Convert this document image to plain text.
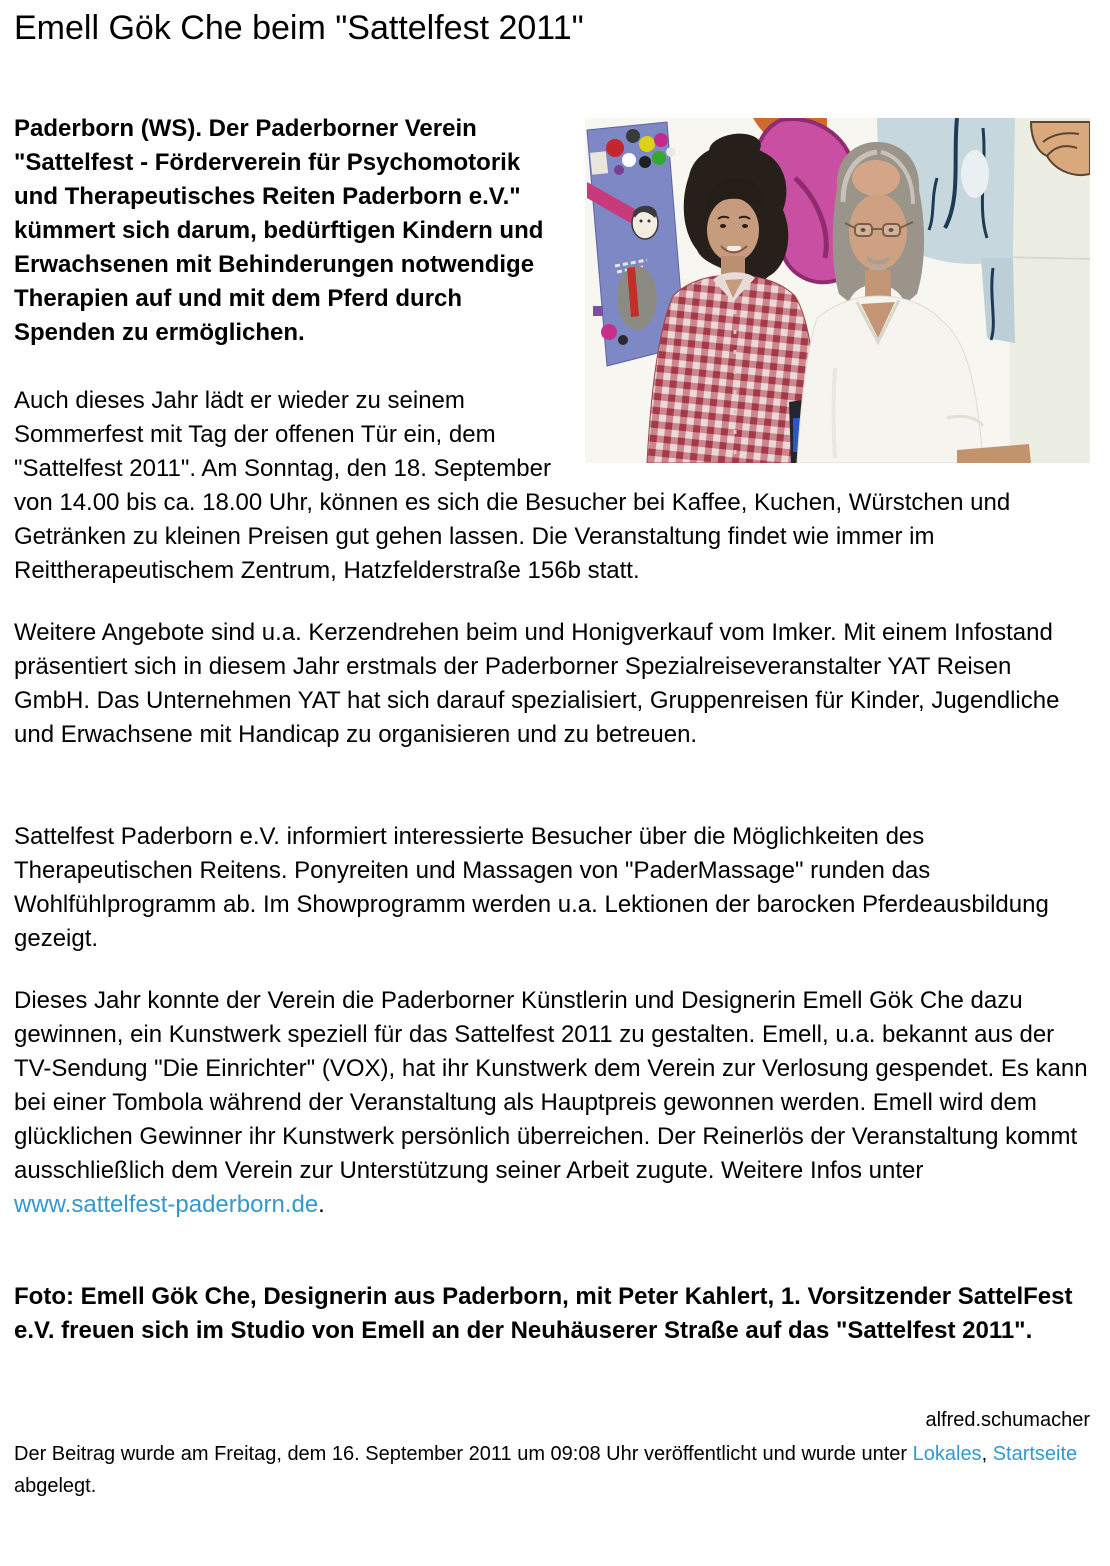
Emell Gök Che beim "Sattelfest 2011"

Paderborn (WS). Der Paderborner Verein "Sattelfest - Förderverein für Psychomotorik und Therapeutisches Reiten Paderborn e.V." kümmert sich darum, bedürftigen Kindern und Erwachsenen mit Behinderungen notwendige Therapien auf und mit dem Pferd durch Spenden zu ermöglichen.

Auch dieses Jahr lädt er wieder zu seinem Sommerfest mit Tag der offenen Tür ein, dem "Sattelfest 2011". Am Sonntag, den 18. September von 14.00 bis ca. 18.00 Uhr, können es sich die Besucher bei Kaffee, Kuchen, Würstchen und Getränken zu kleinen Preisen gut gehen lassen. Die Veranstaltung findet wie immer im Reittherapeutischem Zentrum, Hatzfelderstraße 156b statt.

Weitere Angebote sind u.a. Kerzendrehen beim und Honigverkauf vom Imker. Mit einem Infostand präsentiert sich in diesem Jahr erstmals der Paderborner Spezialreiseveranstalter YAT Reisen GmbH. Das Unternehmen YAT hat sich darauf spezialisiert, Gruppenreisen für Kinder, Jugendliche und Erwachsene mit Handicap zu organisieren und zu betreuen.

Sattelfest Paderborn e.V. informiert interessierte Besucher über die Möglichkeiten des Therapeutischen Reitens. Ponyreiten und Massagen von "PaderMassage" runden das Wohlfühlprogramm ab. Im Showprogramm werden u.a. Lektionen der barocken Pferdeausbildung gezeigt.

Dieses Jahr konnte der Verein die Paderborner Künstlerin und Designerin Emell Gök Che dazu gewinnen, ein Kunstwerk speziell für das Sattelfest 2011 zu gestalten. Emell, u.a. bekannt aus der TV-Sendung "Die Einrichter" (VOX), hat ihr Kunstwerk dem Verein zur Verlosung gespendet. Es kann bei einer Tombola während der Veranstaltung als Hauptpreis gewonnen werden. Emell wird dem glücklichen Gewinner ihr Kunstwerk persönlich überreichen. Der Reinerlös der Veranstaltung kommt ausschließlich dem Verein zur Unterstützung seiner Arbeit zugute. Weitere Infos unter www.sattelfest-paderborn.de.

Foto: Emell Gök Che, Designerin aus Paderborn, mit Peter Kahlert, 1. Vorsitzender SattelFest e.V. freuen sich im Studio von Emell an der Neuhäuserer Straße auf das "Sattelfest 2011".

alfred.schumacher

Der Beitrag wurde am Freitag, dem 16. September 2011 um 09:08 Uhr veröffentlicht und wurde unter Lokales, Startseite abgelegt.
